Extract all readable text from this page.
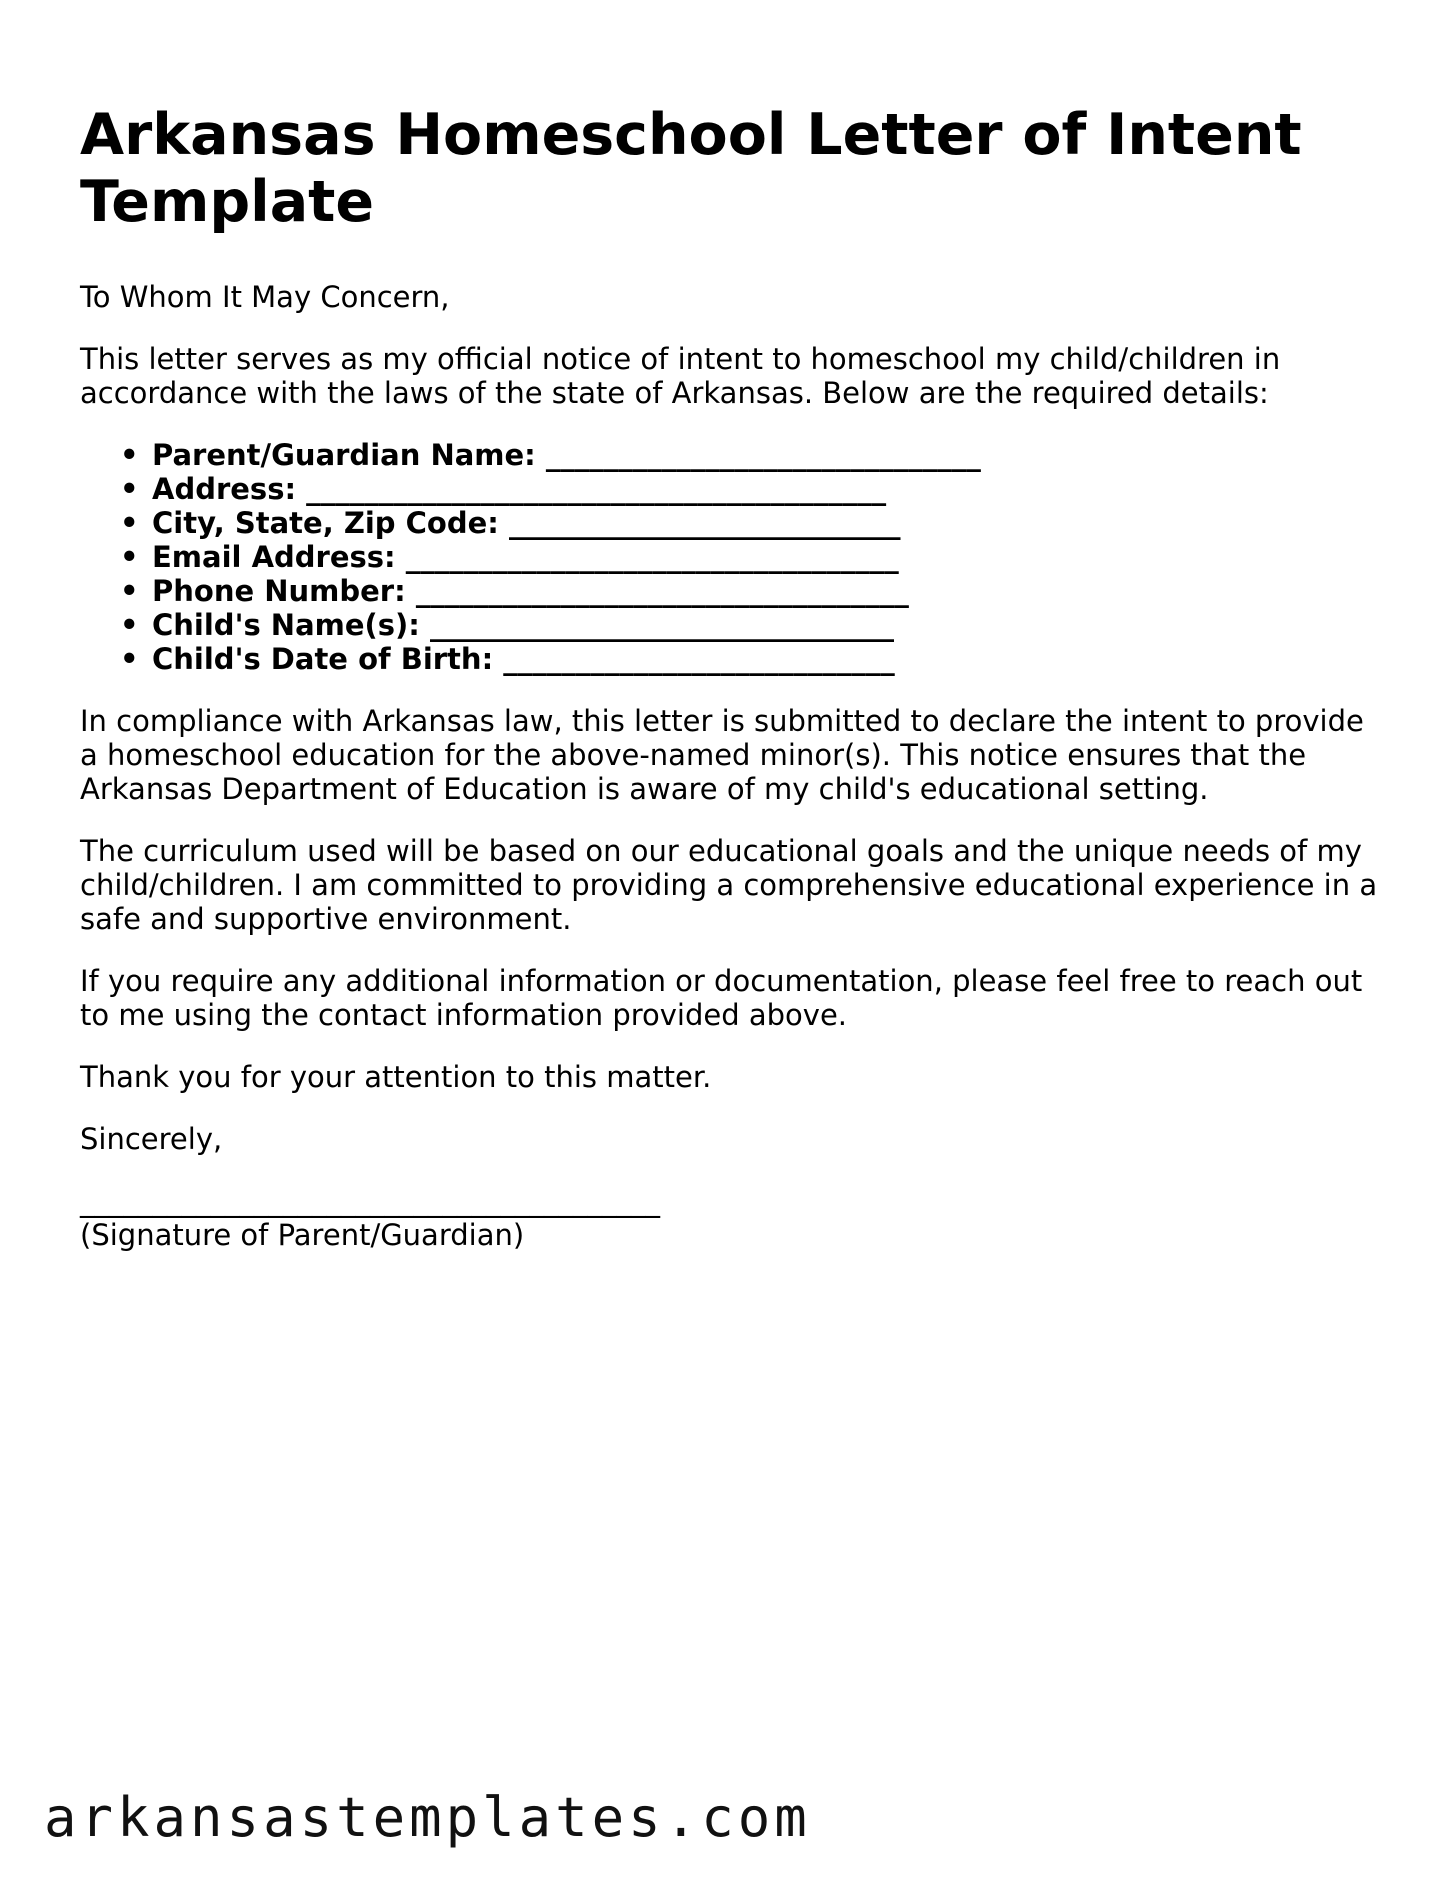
Arkansas Homeschool Letter of Intent Template

To Whom It May Concern,

This letter serves as my official notice of intent to homeschool my child/children in accordance with the laws of the state of Arkansas. Below are the required details:

• Parent/Guardian Name: ______________________________
• Address: ________________________________________
• City, State, Zip Code: ___________________________
• Email Address: __________________________________
• Phone Number: __________________________________
• Child's Name(s): ________________________________
• Child's Date of Birth: ___________________________

In compliance with Arkansas law, this letter is submitted to declare the intent to provide a homeschool education for the above-named minor(s). This notice ensures that the Arkansas Department of Education is aware of my child's educational setting.

The curriculum used will be based on our educational goals and the unique needs of my child/children. I am committed to providing a comprehensive educational experience in a safe and supportive environment.

If you require any additional information or documentation, please feel free to reach out to me using the contact information provided above.

Thank you for your attention to this matter.

Sincerely,

________________________________________
(Signature of Parent/Guardian)
arkansastemplates.com
